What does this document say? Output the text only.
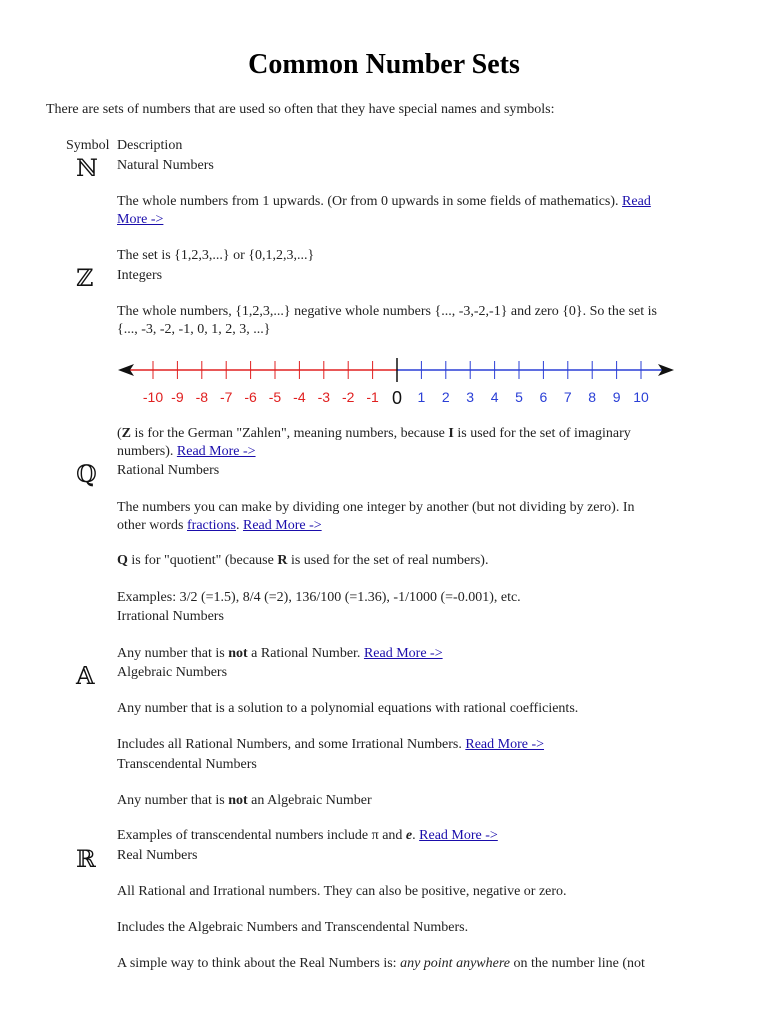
Common Number Sets
There are sets of numbers that are used so often that they have special names and symbols:
Symbol Description
ℕ Natural Numbers
The whole numbers from 1 upwards. (Or from 0 upwards in some fields of mathematics). Read
More ->
The set is {1,2,3,...} or {0,1,2,3,...}
ℤ	Integers
The whole numbers, {1,2,3,...} negative whole numbers {..., -3,-2,-1} and zero {0}. So the set is
{..., -3, -2, -1, 0, 1, 2, 3, ...}
-10 -9 -8 -7 -6 -5 -4 -3 -2 -1 0 1 2 3 4 5 6 7 8 9 10
(Z is for the German "Zahlen", meaning numbers, because I is used for the set of imaginary
numbers). Read More ->
ℚ Rational Numbers
The numbers you can make by dividing one integer by another (but not dividing by zero). In
other words fractions. Read More ->
Q is for "quotient" (because R is used for the set of real numbers).
Examples: 3/2 (=1.5), 8/4 (=2), 136/100 (=1.36), -1/1000 (=-0.001), etc.
Irrational Numbers
Any number that is not a Rational Number. Read More ->
𝔸	Algebraic Numbers
Any number that is a solution to a polynomial equations with rational coefficients.
Includes all Rational Numbers, and some Irrational Numbers. Read More ->
Transcendental Numbers
Any number that is not an Algebraic Number
Examples of transcendental numbers include π and e. Read More ->
ℝ Real Numbers
All Rational and Irrational numbers. They can also be positive, negative or zero.
Includes the Algebraic Numbers and Transcendental Numbers.
A simple way to think about the Real Numbers is: any point anywhere on the number line (not
